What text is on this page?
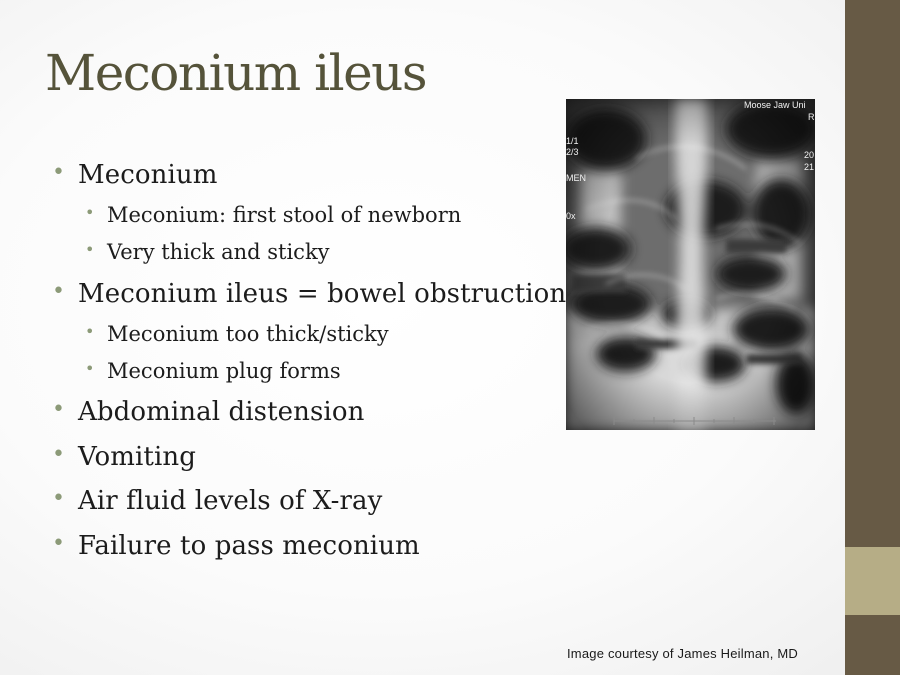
Meconium ileus
• Meconium
• Meconium: first stool of newborn
• Very thick and sticky
• Meconium ileus = bowel obstruction
• Meconium too thick/sticky
• Meconium plug forms
• Abdominal distension
• Vomiting
• Air fluid levels of X-ray
• Failure to pass meconium
Moose Jaw Uni
R
20
21
1/1
2/3
MEN
0x
Image courtesy of James Heilman, MD
